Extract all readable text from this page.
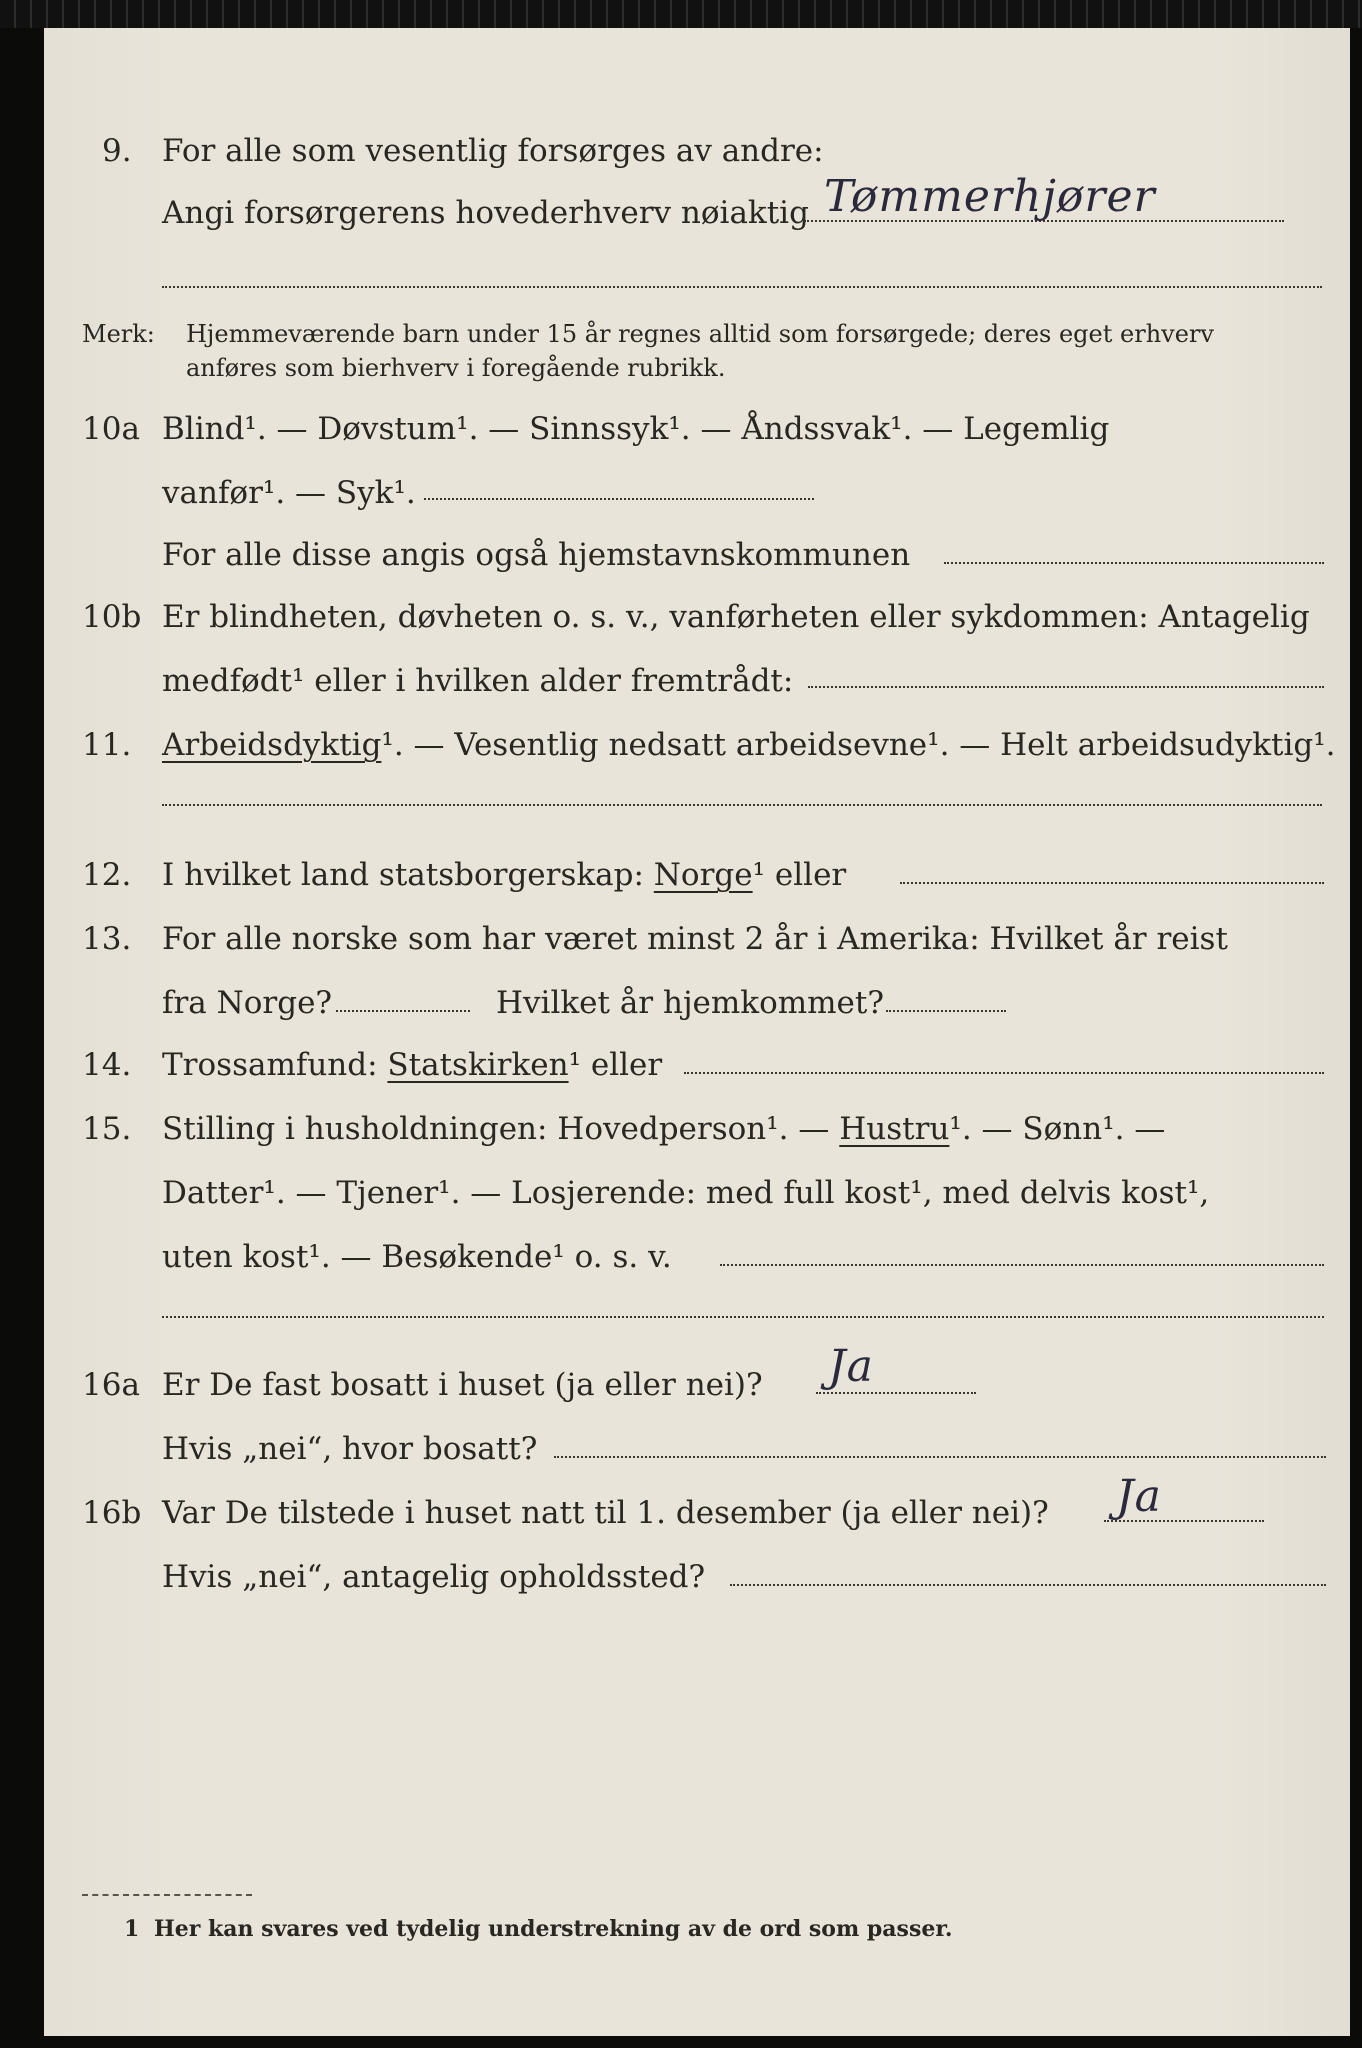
9. For alle som vesentlig forsørges av andre:
Angi forsørgerens hovederhverv nøiaktig Tømmerhjører
Merk: Hjemmeværende barn under 15 år regnes alltid som forsørgede; deres eget erhverv
anføres som bierhverv i foregående rubrikk.
10a Blind¹. — Døvstum¹. — Sinnssyk¹. — Åndssvak¹. — Legemlig
vanfør¹. — Syk¹.
For alle disse angis også hjemstavnskommunen
10b Er blindheten, døvheten o. s. v., vanførheten eller sykdommen: Antagelig
medfødt¹ eller i hvilken alder fremtrådt:
11. Arbeidsdyktig¹. — Vesentlig nedsatt arbeidsevne¹. — Helt arbeidsudyktig¹.
12. I hvilket land statsborgerskap: Norge¹ eller
13. For alle norske som har været minst 2 år i Amerika: Hvilket år reist
fra Norge?	Hvilket år hjemkommet?
14. Trossamfund: Statskirken¹ eller
15. Stilling i husholdningen: Hovedperson¹. — Hustru¹. — Sønn¹. —
Datter¹. — Tjener¹. — Losjerende: med full kost¹, med delvis kost¹,
uten kost¹. — Besøkende¹ o. s. v.
16a Er De fast bosatt i huset (ja eller nei)? Ja
Hvis „nei“, hvor bosatt?
16b Var De tilstede i huset natt til 1. desember (ja eller nei)? Ja
Hvis „nei“, antagelig opholdssted?
1 Her kan svares ved tydelig understrekning av de ord som passer.
